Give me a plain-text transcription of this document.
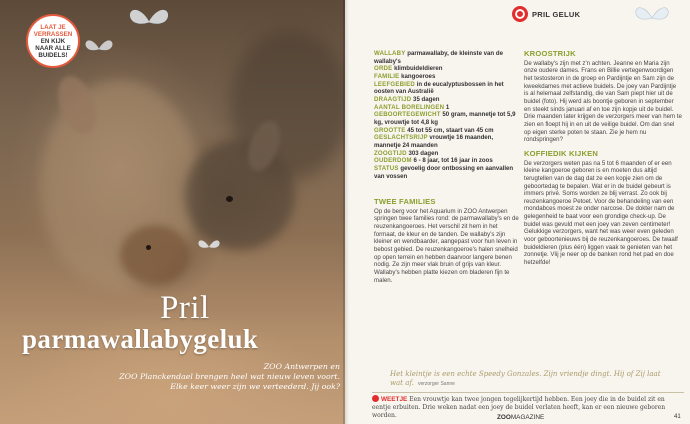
LAAT JE
VERRASSEN
EN KIJK
NAAR ALLE
BUIDELS!
Pril
parmawallabygeluk
ZOO Antwerpen en
ZOO Planckendael brengen heel wat nieuw leven voort.
Elke keer weer zijn we verteederd. Jij ook?
PRIL GELUK
WALLABY parmawallaby, de kleinste van de wallaby's
ORDE klimbuideldieren
FAMILIE kangoeroes
LEEFGEBIED in de eucalyptusbossen in het oosten van Australië
DRAAGTIJD 35 dagen
AANTAL BORELINGEN 1
GEBOORTEGEWICHT 50 gram, mannetje tot 5,9 kg, vrouwtje tot 4,8 kg
GROOTTE 45 tot 55 cm, staart van 45 cm
GESLACHTSRIJP vrouwtje 16 maanden, mannetje 24 maanden
ZOOGTIJD 303 dagen
OUDERDOM 6 - 8 jaar, tot 16 jaar in zoos
STATUS gevoelig door ontbossing en aanvallen van vossen
TWEE FAMILIES
Op de berg voor het Aquarium in ZOO Antwerpen springen twee families rond: de parmawallaby's en de reuzenkangoeroes. Het verschil zit hem in het formaat, de kleur en de tanden. De wallaby's zijn kleiner en wendbaarder, aangepast voor hun leven in bebost gebied. De reuzenkangoeroe's halen snelheid op open terrein en hebben daarvoor langere benen nodig. Ze zijn meer vlak bruin of grijs van kleur. Wallaby's hebben platte kiezen om bladeren fijn te malen.
KROOSTRIJK
De wallaby's zijn met z'n achten. Jeanne en Maria zijn onze oudere dames. Frans en Billie vertegenwoordigen het testosteron in de groep en Pardijntje en Sam zijn de kweekdames met actieve buidels. De joey van Pardijntje is al helemaal zelfstandig, die van Sam piept hier uit de buidel (foto). Hij werd als boontje geboren in september en steekt sinds januari af en toe zijn kopje uit de buidel. Drie maanden later krijgen de verzorgers meer van hem te zien en floept hij in en uit de veilige buidel. Om dan snel op eigen sterke poten te staan. Zie je hem nu rondspringen?
KOFFIEDIK KIJKEN
De verzorgers weten pas na 5 tot 6 maanden of er een kleine kangoeroe geboren is en moeten dus altijd terugtellen van de dag dat ze een kopje zien om de geboortedag te bepalen. Wat er in de buidel gebeurt is immers privé. Soms worden ze blij verrast. Zo ook bij reuzenkangoeroe Petoet. Voor de behandeling van een mondabces moest ze onder narcose. De dokter nam de gelegenheid te baat voor een grondige check-up. De buidel was gevuld met een joey van zeven centimeter! Gelukkige verzorgers, want het was weer even geleden voor geboortenieuws bij de reuzenkangoeroes. De twaalf buideldieren (plus één) liggen vaak te genieten van het zonnetje. Vlij je neer op de banken rond het pad en doe hetzelfde!
Het kleintje is een echte Speedy Gonzales. Zijn vriendje dingt. Hij of Zij laat wat af. verzorger Sanne
WEETJE Een vrouwtje kan twee jongen tegelijkertijd hebben. Een joey die in de buidel zit en eentje erbuiten. Drie weken nadat een joey de buidel verlaten heeft, kan er een nieuwe geboren worden.	ZOOMAGAZINE	41
